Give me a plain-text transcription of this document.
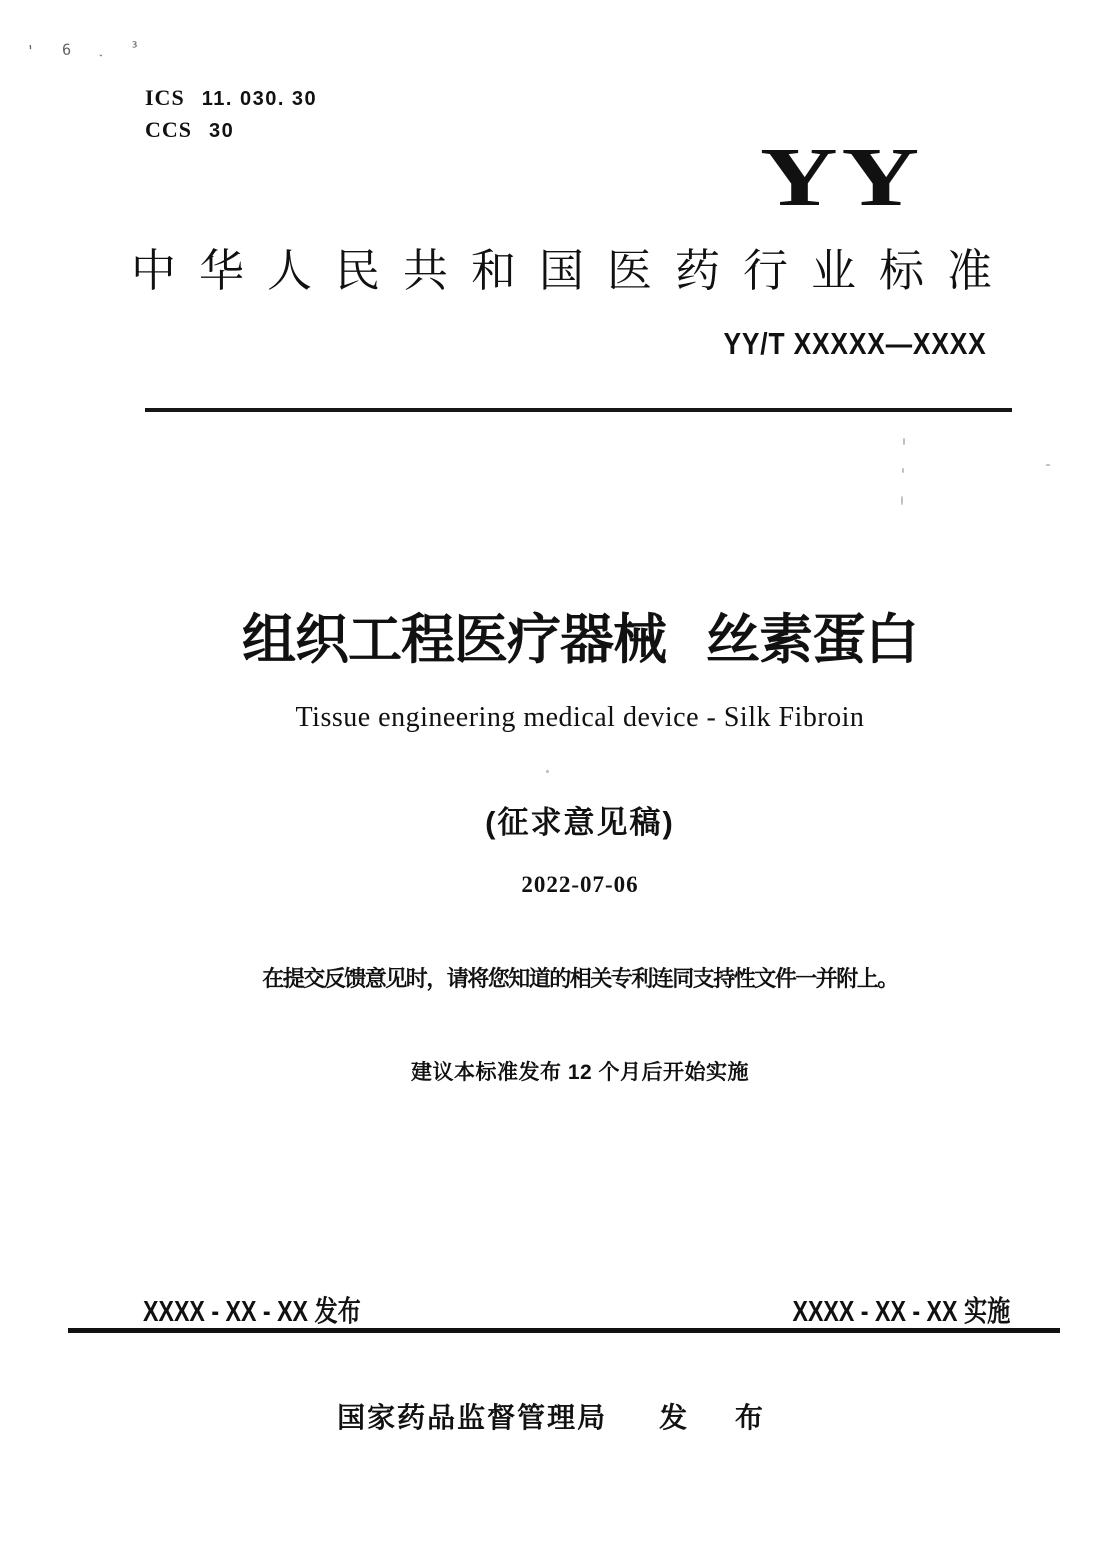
' 6 ˯ ³
ICS 11. 030. 30
CCS 30	YY
中华人民共和国医药行业标准
YY/T XXXXX—XXXX
组织工程医疗器械 丝素蛋白
Tissue engineering medical device - Silk Fibroin
(征求意见稿)
2022-07-06
在提交反馈意见时，请将您知道的相关专利连同支持性文件一并附上。
建议本标准发布 12 个月后开始实施
XXXX - XX - XX 发布	XXXX - XX - XX 实施
国家药品监督管理局 发 布
